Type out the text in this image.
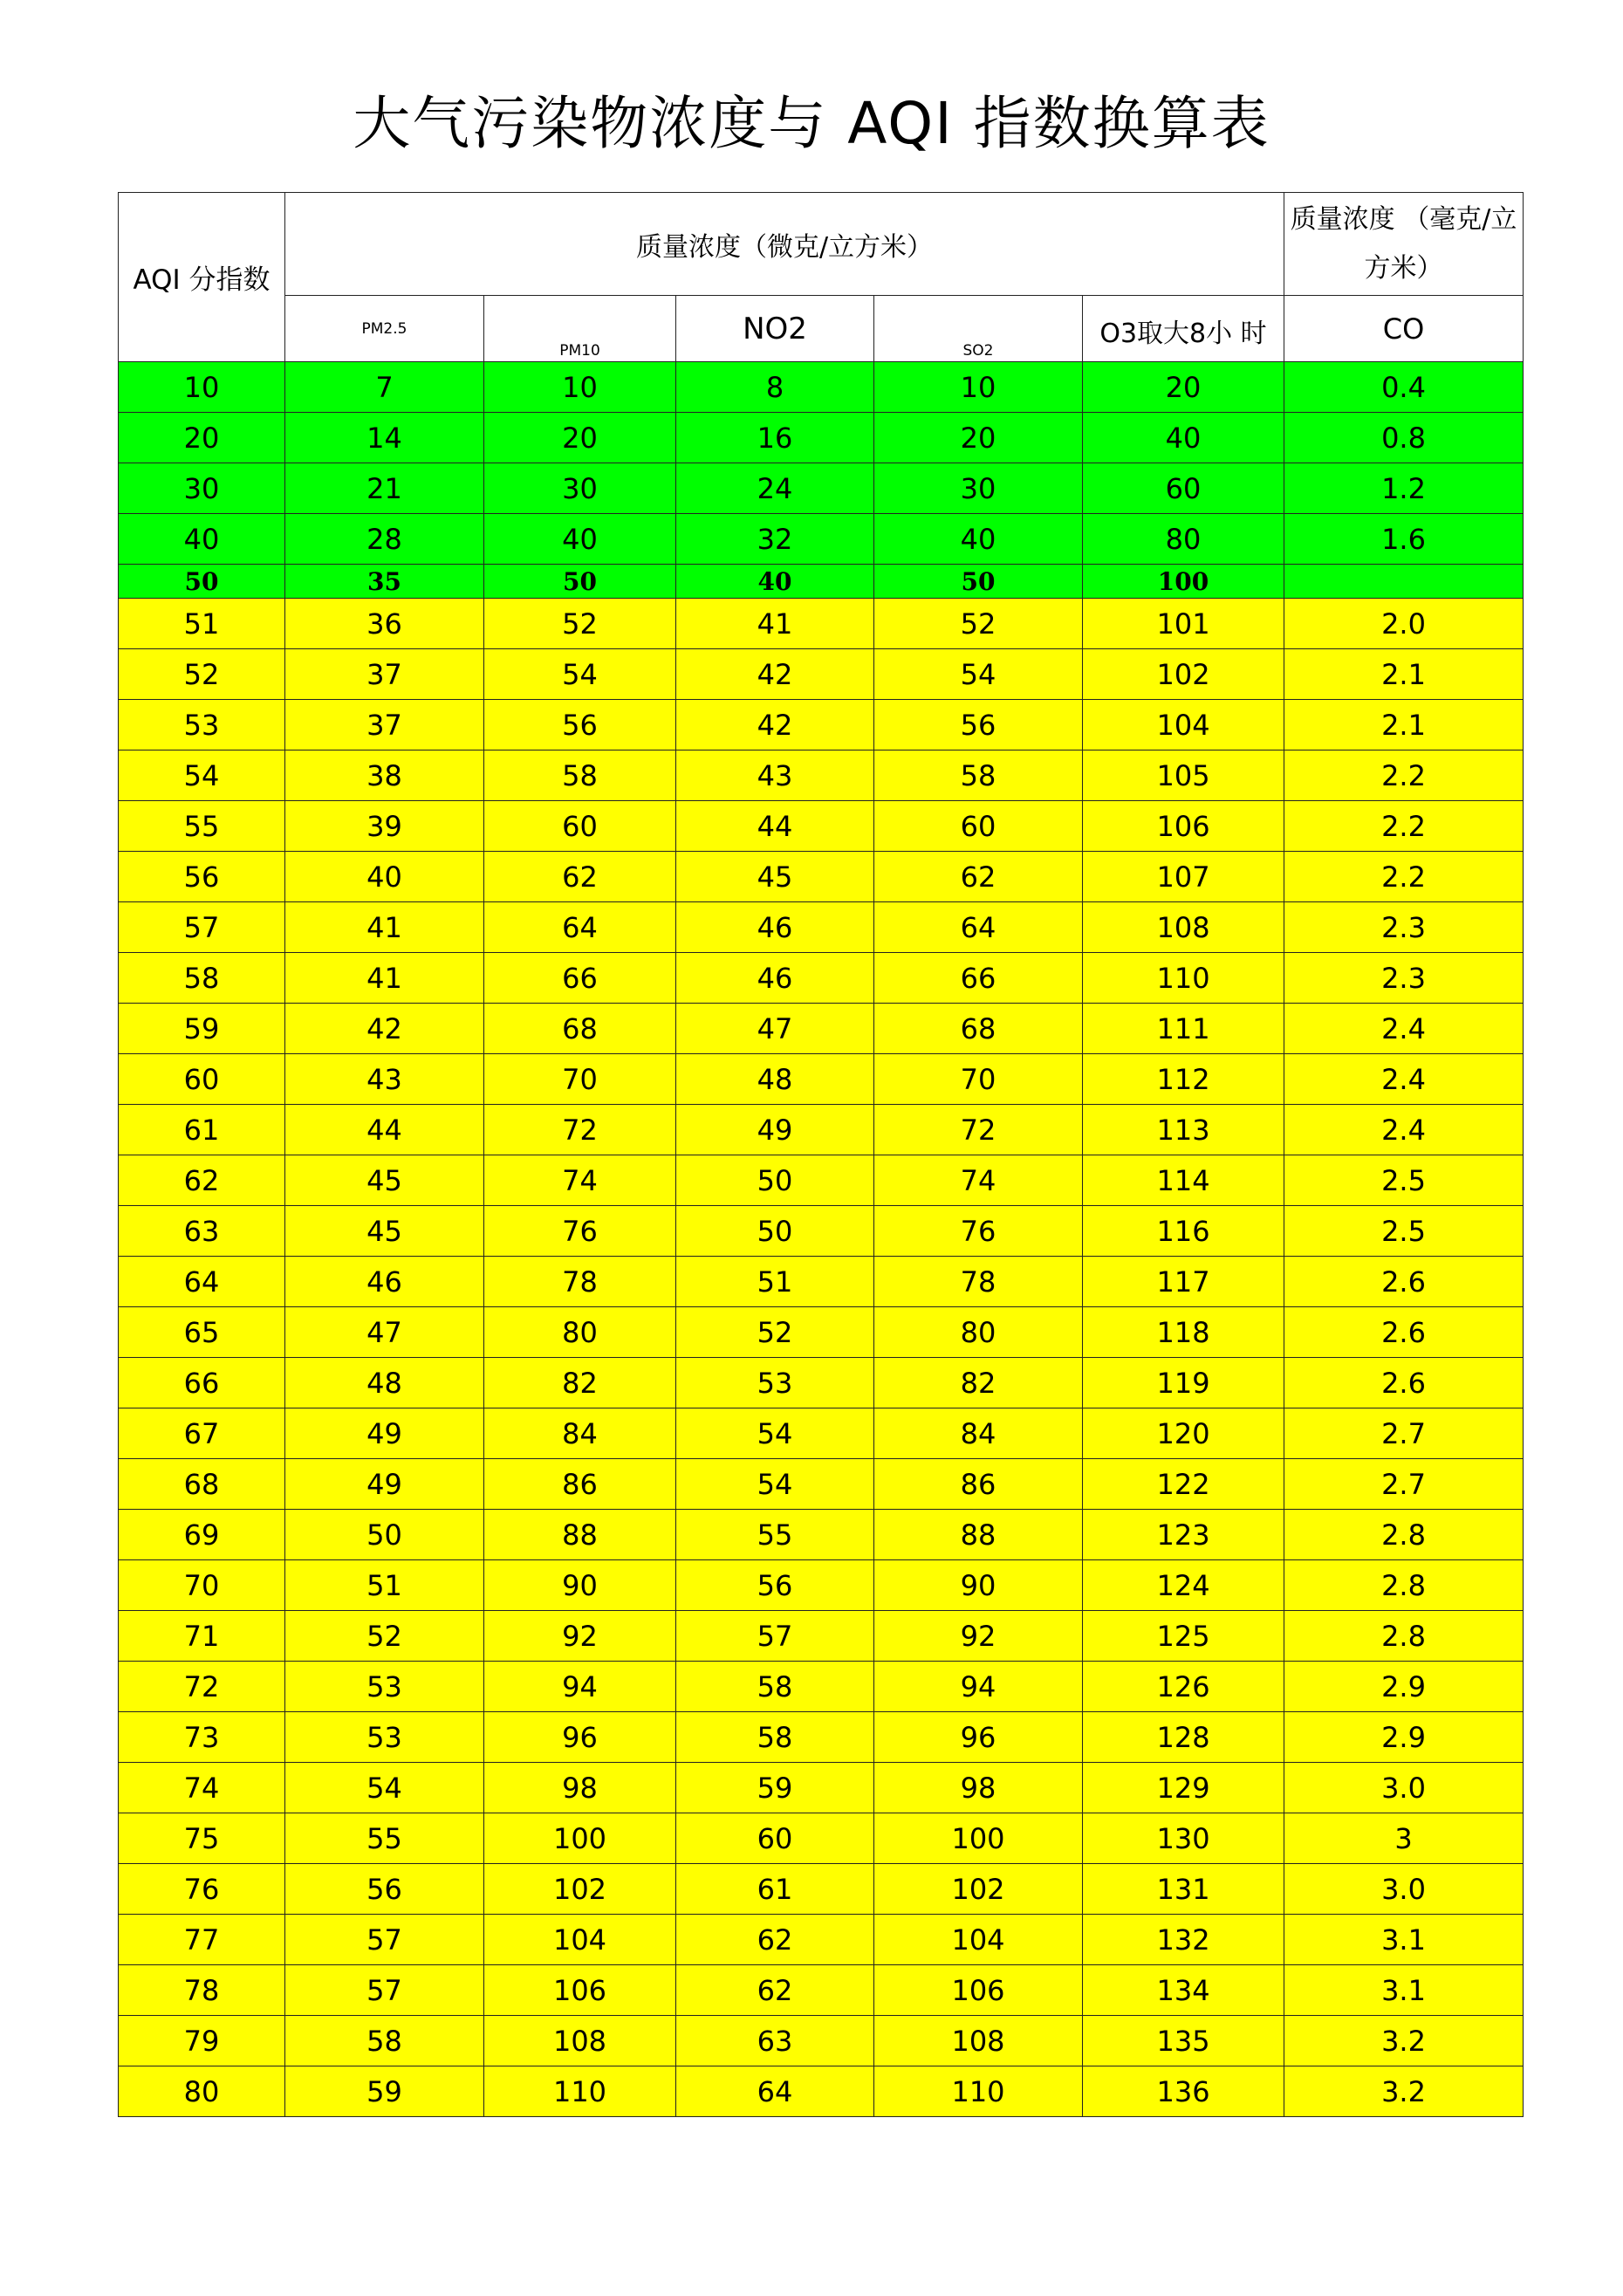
大气污染物浓度与 AQI 指数换算表
AQI 分指数	质量浓度（微克/立方米）					质量浓度 （毫克/立方米）
	PM2.5	PM10	NO2	SO2	O3取大8小 时	CO
10	7	10	8	10	20	0.4
20	14	20	16	20	40	0.8
30	21	30	24	30	60	1.2
40	28	40	32	40	80	1.6
50	35	50	40	50	100	
51	36	52	41	52	101	2.0
52	37	54	42	54	102	2.1
53	37	56	42	56	104	2.1
54	38	58	43	58	105	2.2
55	39	60	44	60	106	2.2
56	40	62	45	62	107	2.2
57	41	64	46	64	108	2.3
58	41	66	46	66	110	2.3
59	42	68	47	68	111	2.4
60	43	70	48	70	112	2.4
61	44	72	49	72	113	2.4
62	45	74	50	74	114	2.5
63	45	76	50	76	116	2.5
64	46	78	51	78	117	2.6
65	47	80	52	80	118	2.6
66	48	82	53	82	119	2.6
67	49	84	54	84	120	2.7
68	49	86	54	86	122	2.7
69	50	88	55	88	123	2.8
70	51	90	56	90	124	2.8
71	52	92	57	92	125	2.8
72	53	94	58	94	126	2.9
73	53	96	58	96	128	2.9
74	54	98	59	98	129	3.0
75	55	100	60	100	130	3
76	56	102	61	102	131	3.0
77	57	104	62	104	132	3.1
78	57	106	62	106	134	3.1
79	58	108	63	108	135	3.2
80	59	110	64	110	136	3.2
